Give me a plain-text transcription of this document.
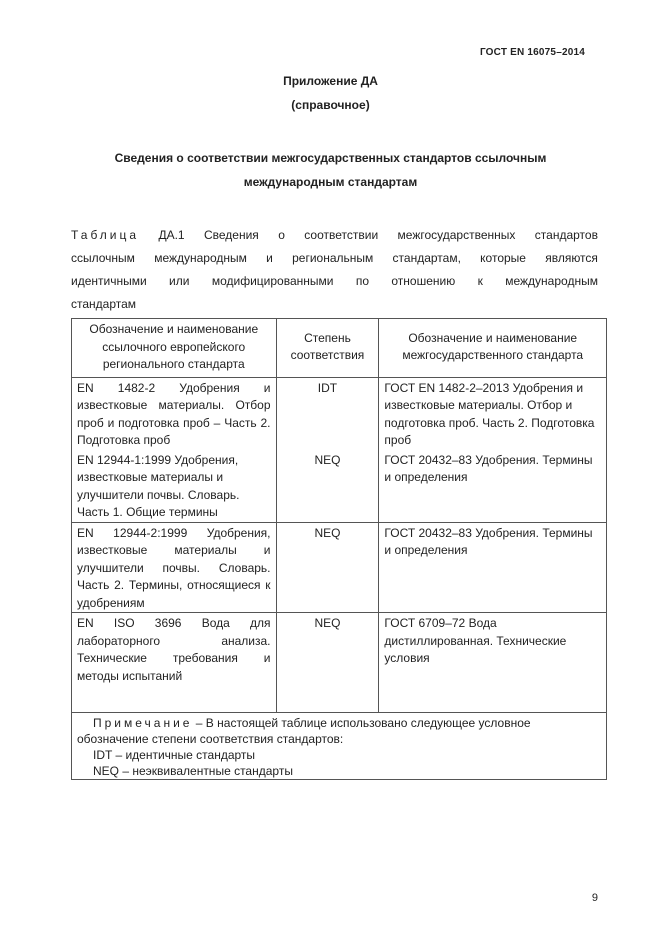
ГОСТ EN 16075–2014
Приложение ДА
(справочное)
Сведения о соответствии межгосударственных стандартов ссылочным
международным стандартам
Таблица ДА.1 Сведения о соответствии межгосударственных стандартов
ссылочным международным и региональным стандартам, которые являются
идентичными или модифицированными по отношению к международным
стандартам
Обозначение и наименование ссылочного европейского регионального стандарта	Степень соответствия	Обозначение и наименование межгосударственного стандарта
EN 1482-2 Удобрения и известковые материалы. Отбор проб и подготовка проб – Часть 2. Подготовка проб	IDT	ГОСТ EN 1482-2–2013 Удобрения и известковые материалы. Отбор и подготовка проб. Часть 2. Подготовка проб
EN 12944-1:1999 Удобрения, известковые материалы и улучшители почвы. Словарь. Часть 1. Общие термины	NEQ	ГОСТ 20432–83 Удобрения. Термины и определения
EN 12944-2:1999 Удобрения, известковые материалы и улучшители почвы. Словарь. Часть 2. Термины, относящиеся к удобрениям	NEQ	ГОСТ 20432–83 Удобрения. Термины и определения
EN ISO 3696 Вода для лабораторного анализа. Технические требования и методы испытаний	NEQ	ГОСТ 6709–72 Вода дистиллированная. Технические условия

Примечание – В настоящей таблице использовано следующее условное
обозначение степени соответствия стандартов:
IDT – идентичные стандарты
NEQ – неэквивалентные стандарты		
9
